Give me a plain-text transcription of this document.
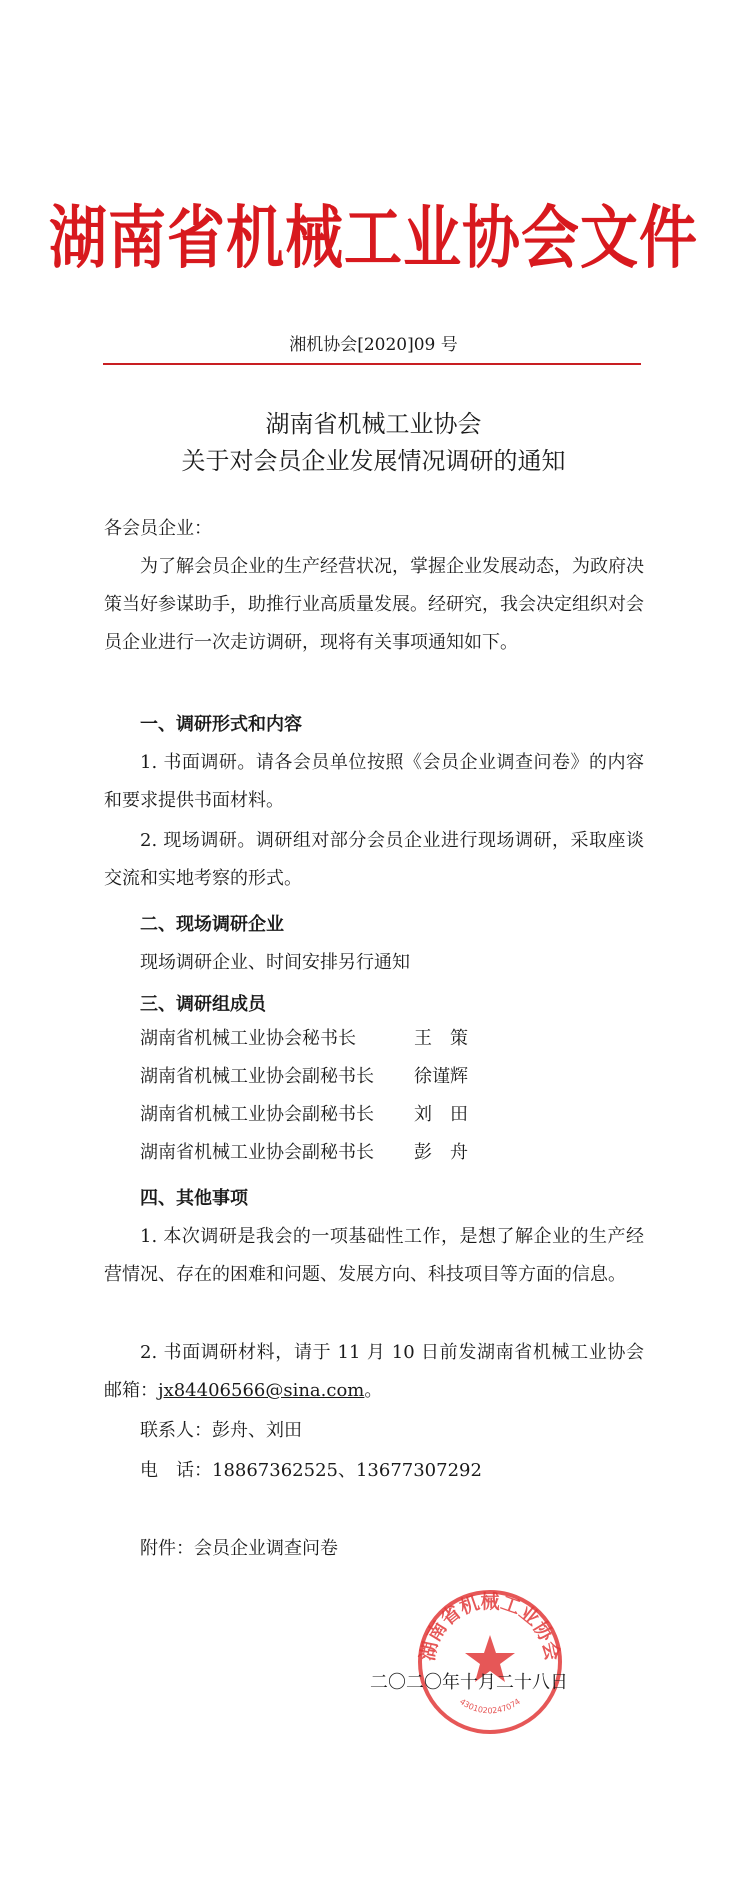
湖南省机械工业协会文件
湘机协会[2020]09 号
湖南省机械工业协会
关于对会员企业发展情况调研的通知
各会员企业：
为了解会员企业的生产经营状况，掌握企业发展动态，为政府决策当好参谋助手，助推行业高质量发展。经研究，我会决定组织对会员企业进行一次走访调研，现将有关事项通知如下。
一、调研形式和内容
1. 书面调研。请各会员单位按照《会员企业调查问卷》的内容和要求提供书面材料。
2. 现场调研。调研组对部分会员企业进行现场调研，采取座谈交流和实地考察的形式。
二、现场调研企业
现场调研企业、时间安排另行通知
三、调研组成员
湖南省机械工业协会秘书长	王　策
湖南省机械工业协会副秘书长 徐谨辉
湖南省机械工业协会副秘书长 刘　田
湖南省机械工业协会副秘书长 彭　舟
四、其他事项
1. 本次调研是我会的一项基础性工作，是想了解企业的生产经营情况、存在的困难和问题、发展方向、科技项目等方面的信息。
2. 书面调研材料，请于 11 月 10 日前发湖南省机械工业协会邮箱：jx84406566@sina.com。
联系人：彭舟、刘田
电　话：18867362525、13677307292
附件：会员企业调查问卷
湖南省机械工业协会
4301020247074
二〇二〇年十月二十八日
